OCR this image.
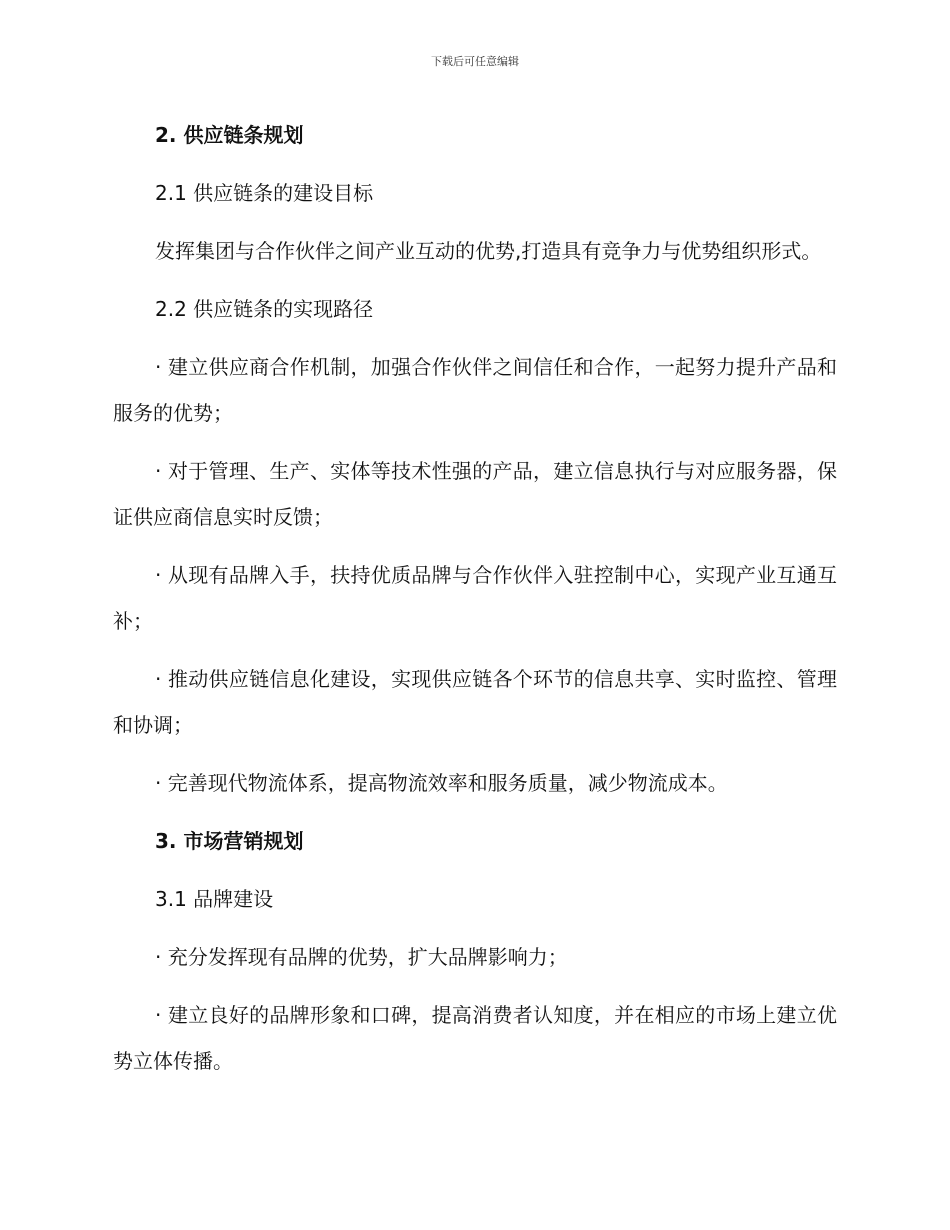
下载后可任意编辑

2. 供应链条规划

2.1 供应链条的建设目标

发挥集团与合作伙伴之间产业互动的优势,打造具有竞争力与优势组织形式。

2.2 供应链条的实现路径

· 建立供应商合作机制，加强合作伙伴之间信任和合作，一起努力提升产品和服务的优势；

· 对于管理、生产、实体等技术性强的产品，建立信息执行与对应服务器，保证供应商信息实时反馈；

· 从现有品牌入手，扶持优质品牌与合作伙伴入驻控制中心，实现产业互通互补；

· 推动供应链信息化建设，实现供应链各个环节的信息共享、实时监控、管理和协调；

· 完善现代物流体系，提高物流效率和服务质量，减少物流成本。

3. 市场营销规划

3.1 品牌建设

· 充分发挥现有品牌的优势，扩大品牌影响力；

· 建立良好的品牌形象和口碑，提高消费者认知度，并在相应的市场上建立优势立体传播。
